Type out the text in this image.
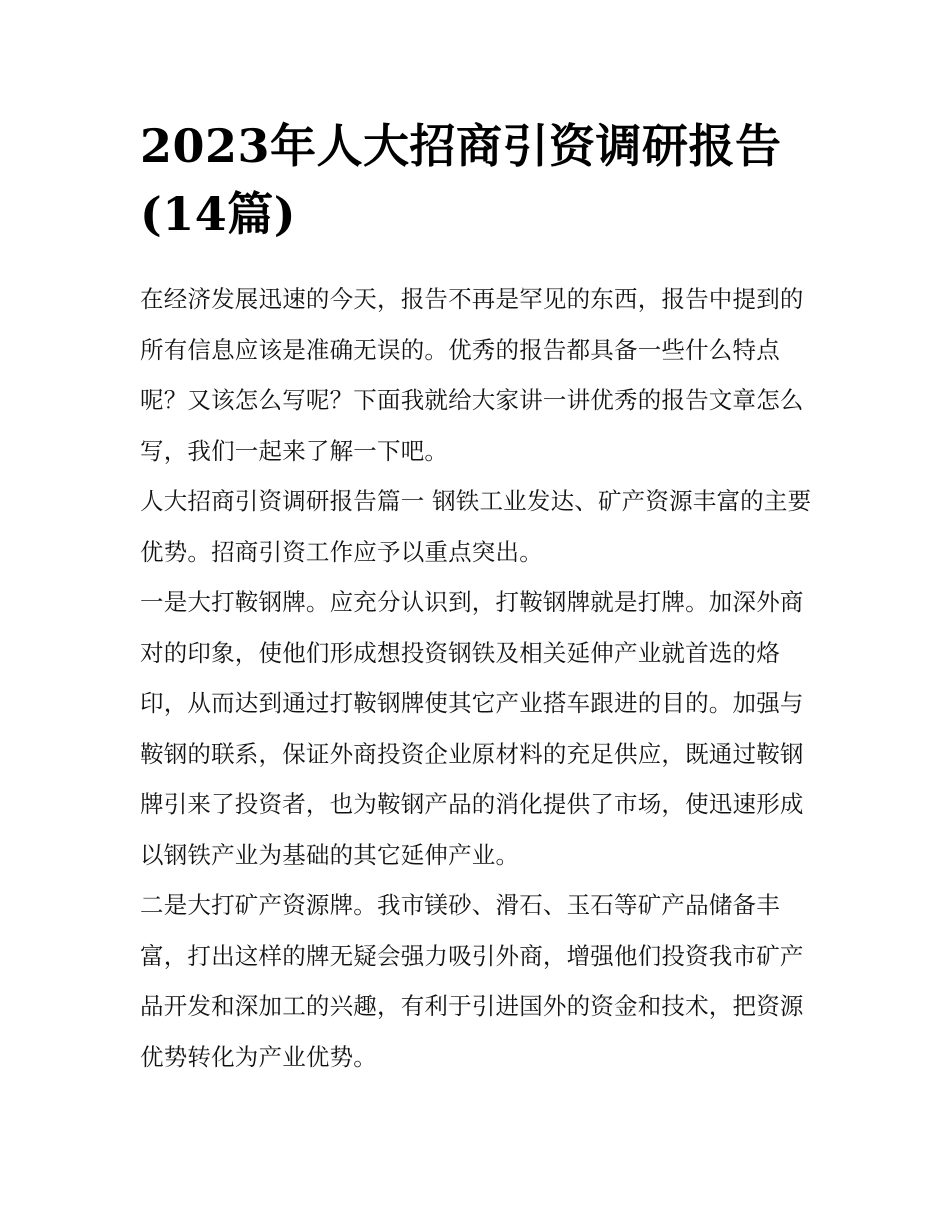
2023年人大招商引资调研报告(14篇)

在经济发展迅速的今天，报告不再是罕见的东西，报告中提到的所有信息应该是准确无误的。优秀的报告都具备一些什么特点呢？又该怎么写呢？下面我就给大家讲一讲优秀的报告文章怎么写，我们一起来了解一下吧。

人大招商引资调研报告篇一 钢铁工业发达、矿产资源丰富的主要优势。招商引资工作应予以重点突出。

一是大打鞍钢牌。应充分认识到，打鞍钢牌就是打牌。加深外商对的印象，使他们形成想投资钢铁及相关延伸产业就首选的烙印，从而达到通过打鞍钢牌使其它产业搭车跟进的目的。加强与鞍钢的联系，保证外商投资企业原材料的充足供应，既通过鞍钢牌引来了投资者，也为鞍钢产品的消化提供了市场，使迅速形成以钢铁产业为基础的其它延伸产业。

二是大打矿产资源牌。我市镁砂、滑石、玉石等矿产品储备丰富，打出这样的牌无疑会强力吸引外商，增强他们投资我市矿产品开发和深加工的兴趣，有利于引进国外的资金和技术，把资源优势转化为产业优势。
